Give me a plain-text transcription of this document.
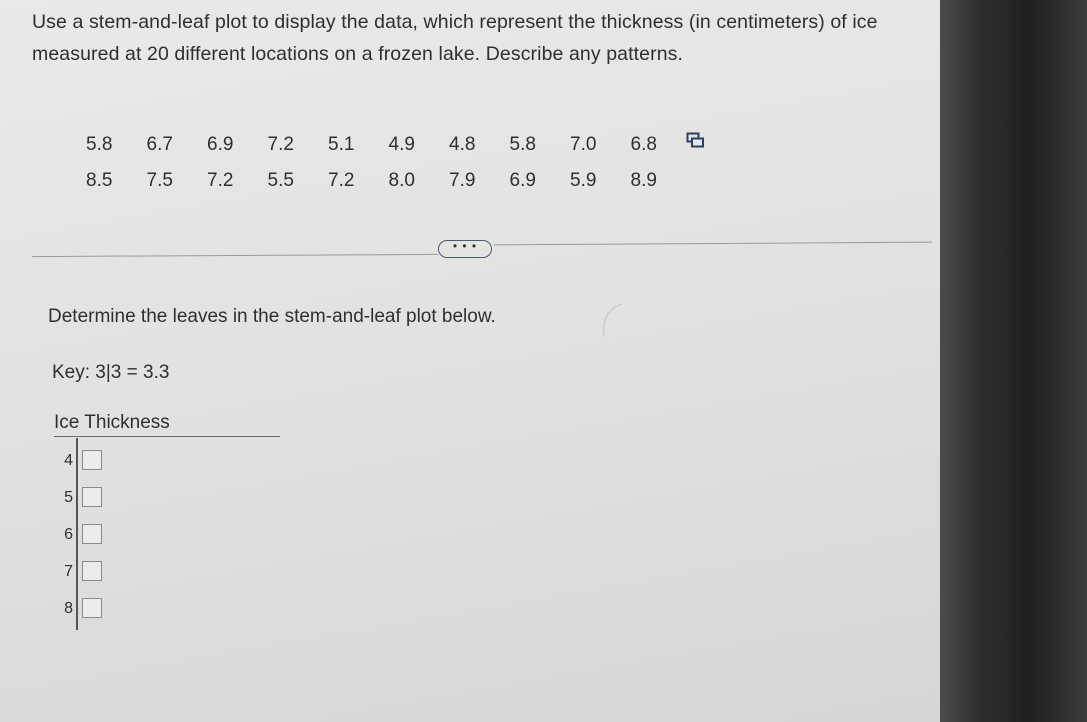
Use a stem-and-leaf plot to display the data, which represent the thickness (in centimeters) of ice measured at 20 different locations on a frozen lake. Describe any patterns.
5.8	6.7	6.9	7.2	5.1	4.9	4.8	5.8	7.0	6.8
8.5	7.5	7.2	5.5	7.2	8.0	7.9	6.9	5.9	8.9
• • •
Determine the leaves in the stem-and-leaf plot below.
Key: 3|3 = 3.3
Ice Thickness
4
5
6
7
8
